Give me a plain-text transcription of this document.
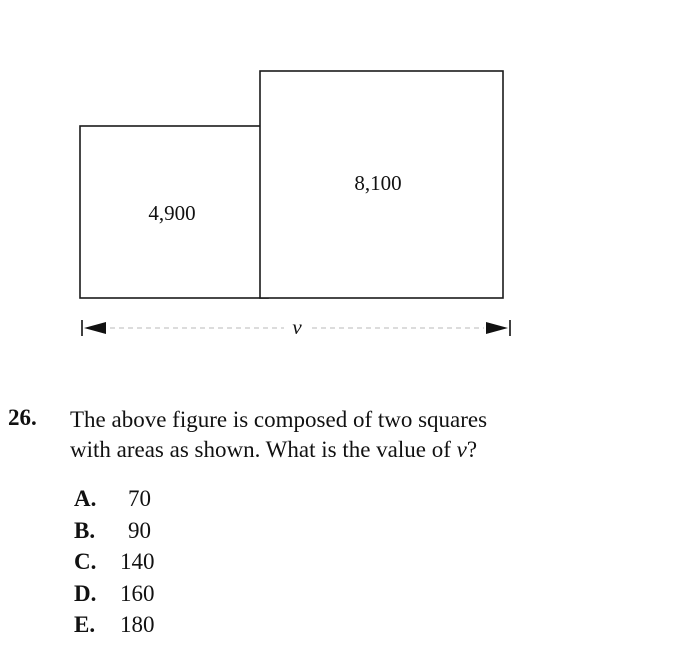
4,900
8,100
v
26. The above figure is composed of two squares
with areas as shown. What is the value of v?
A. 70
B. 90
C. 140
D. 160
E. 180
